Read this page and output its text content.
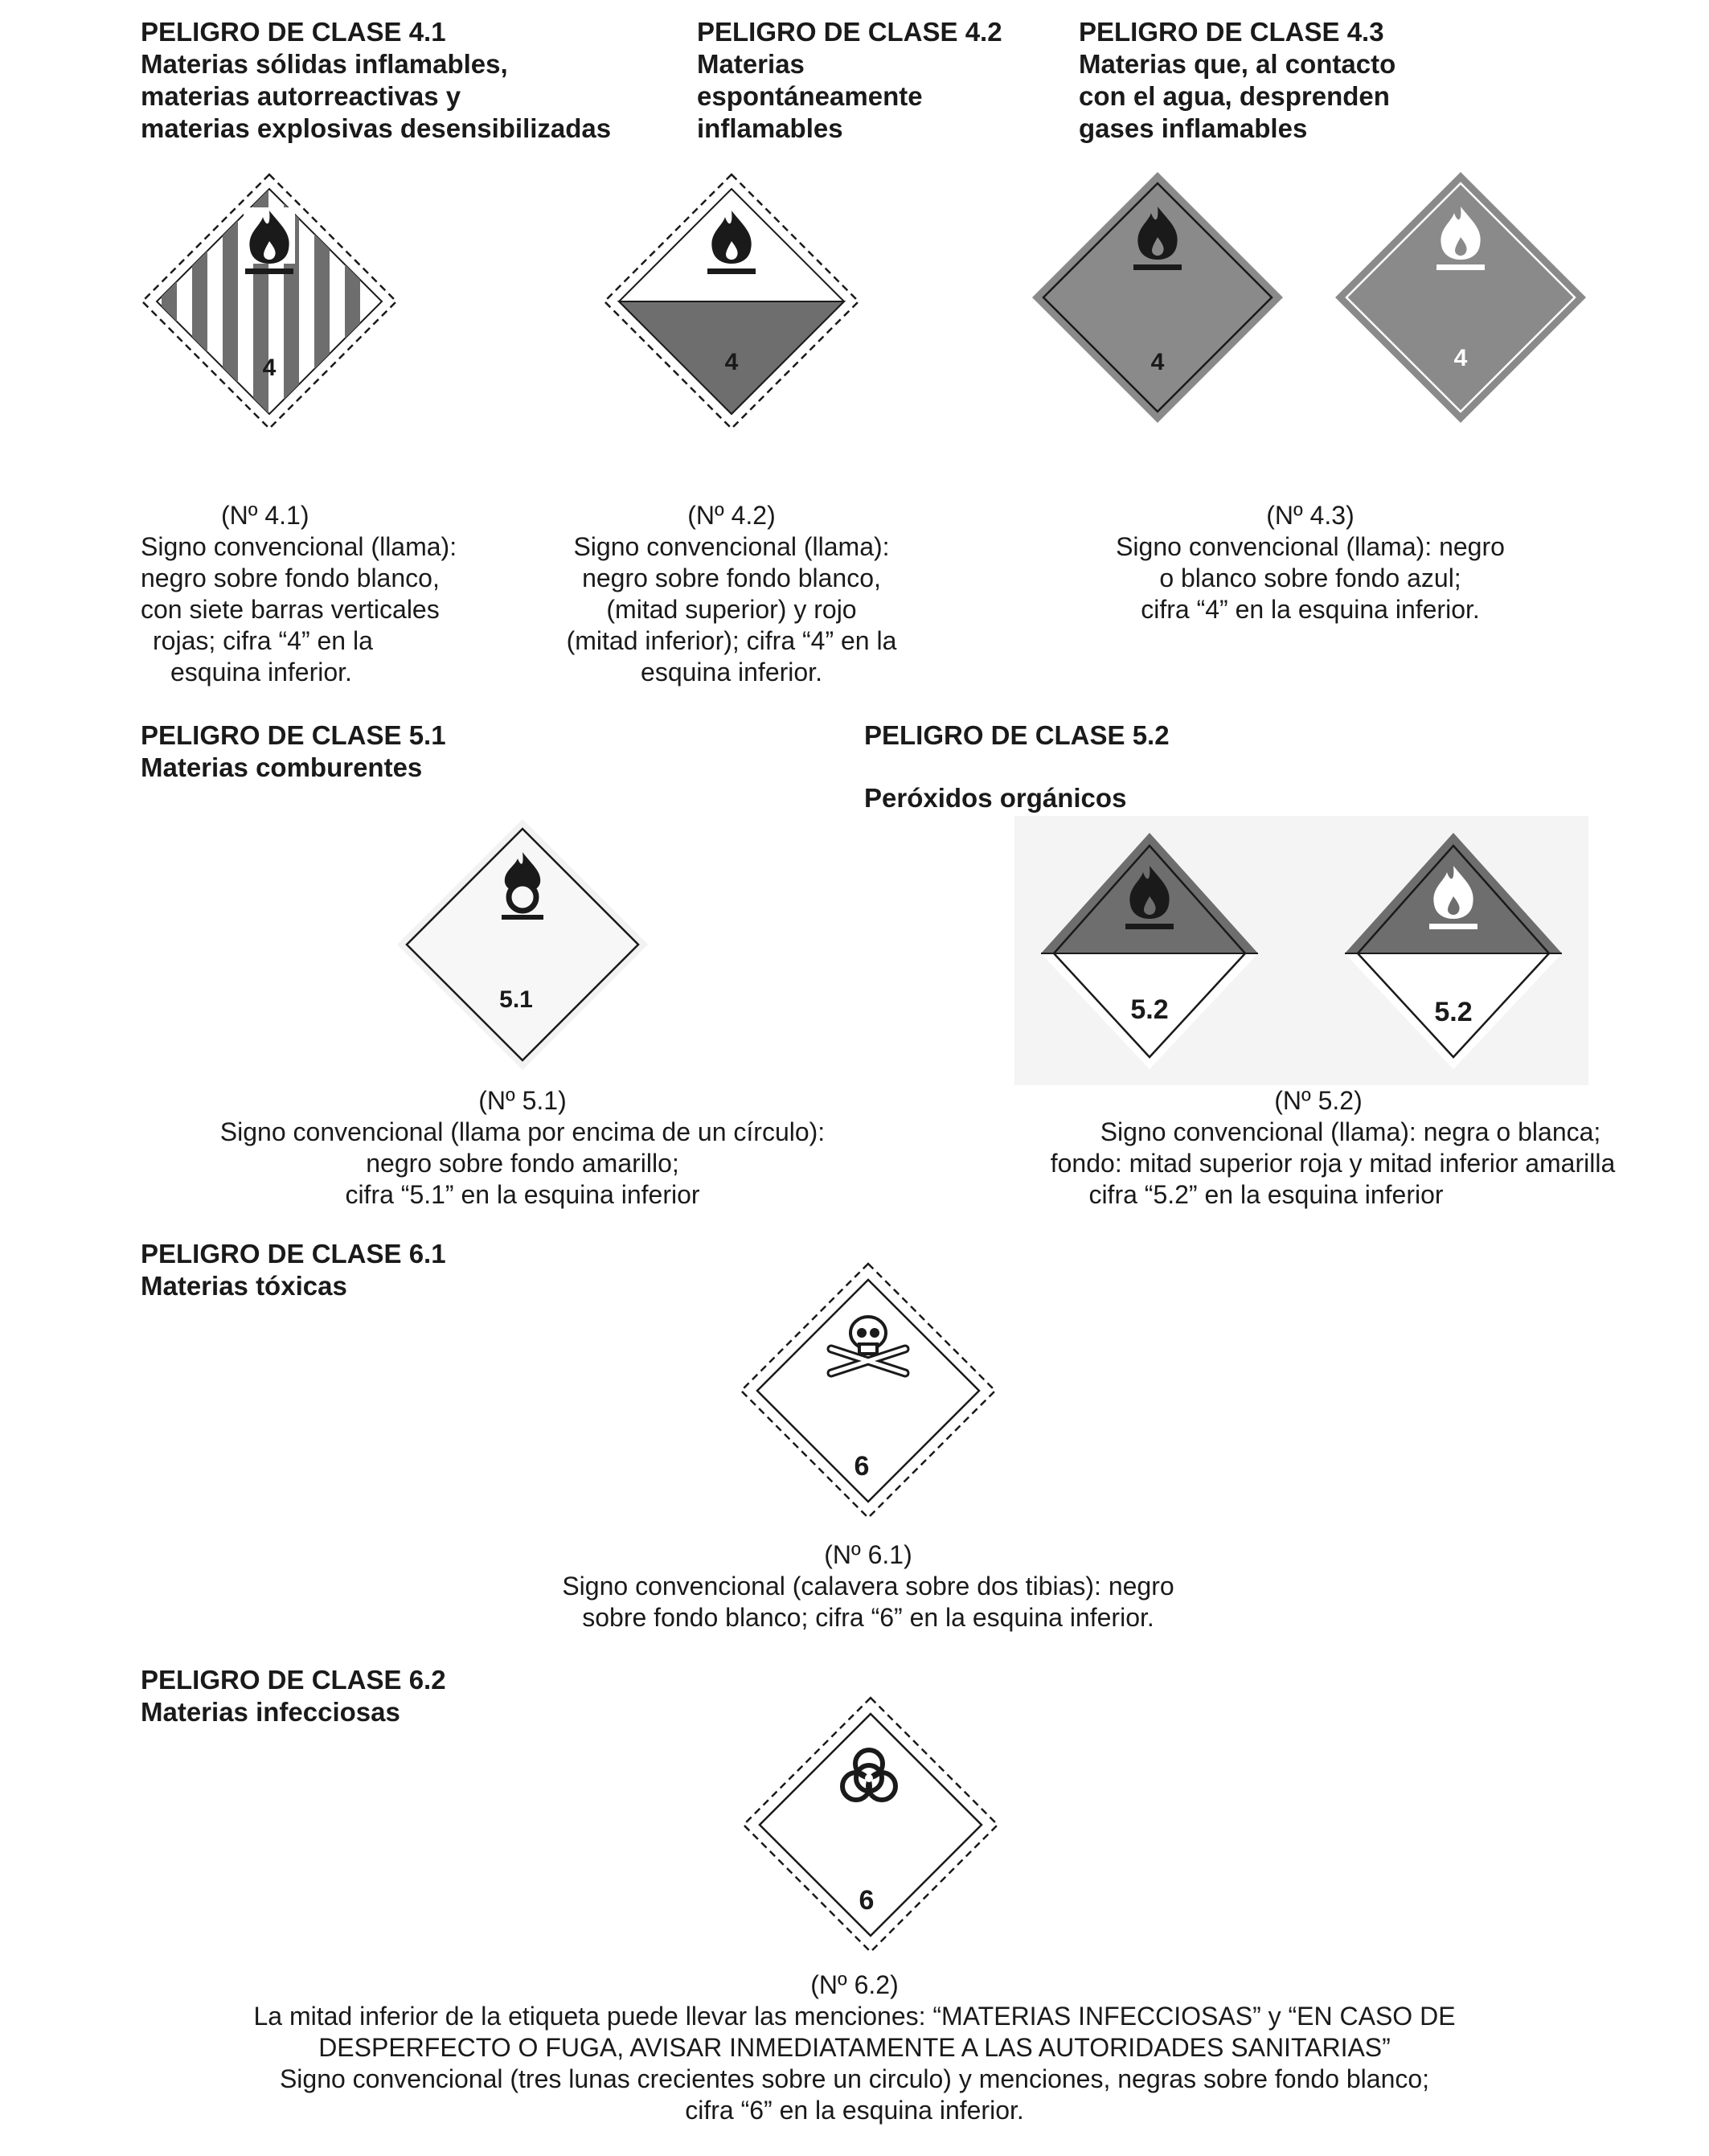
PELIGRO DE CLASE 4.1
Materias sólidas inflamables,
materias autorreactivas y
materias explosivas desensibilizadas
4
(Nº 4.1)
Signo convencional (llama):
negro sobre fondo blanco,
con siete barras verticales
rojas; cifra “4” en la
esquina inferior.
PELIGRO DE CLASE 4.2
Materias
espontáneamente
inflamables
4
(Nº 4.2)
Signo convencional (llama):
negro sobre fondo blanco,
(mitad superior) y rojo
(mitad inferior); cifra “4” en la
esquina inferior.
PELIGRO DE CLASE 4.3
Materias que, al contacto
con el agua, desprenden
gases inflamables
4	4
(Nº 4.3)
Signo convencional (llama): negro
o blanco sobre fondo azul;
cifra “4” en la esquina inferior.
PELIGRO DE CLASE 5.1
Materias comburentes
5.1
(Nº 5.1)
Signo convencional (llama por encima de un círculo):
negro sobre fondo amarillo;
cifra “5.1” en la esquina inferior
PELIGRO DE CLASE 5.2
Peróxidos orgánicos
5.2	5.2
(Nº 5.2)
Signo convencional (llama): negra o blanca;
fondo: mitad superior roja y mitad inferior amarilla
cifra “5.2” en la esquina inferior
PELIGRO DE CLASE 6.1
Materias tóxicas
6
(Nº 6.1)
Signo convencional (calavera sobre dos tibias): negro
sobre fondo blanco; cifra “6” en la esquina inferior.
PELIGRO DE CLASE 6.2
Materias infecciosas
6
(Nº 6.2)
La mitad inferior de la etiqueta puede llevar las menciones: “MATERIAS INFECCIOSAS” y “EN CASO DE
DESPERFECTO O FUGA, AVISAR INMEDIATAMENTE A LAS AUTORIDADES SANITARIAS”
Signo convencional (tres lunas crecientes sobre un circulo) y menciones, negras sobre fondo blanco;
cifra “6” en la esquina inferior.
